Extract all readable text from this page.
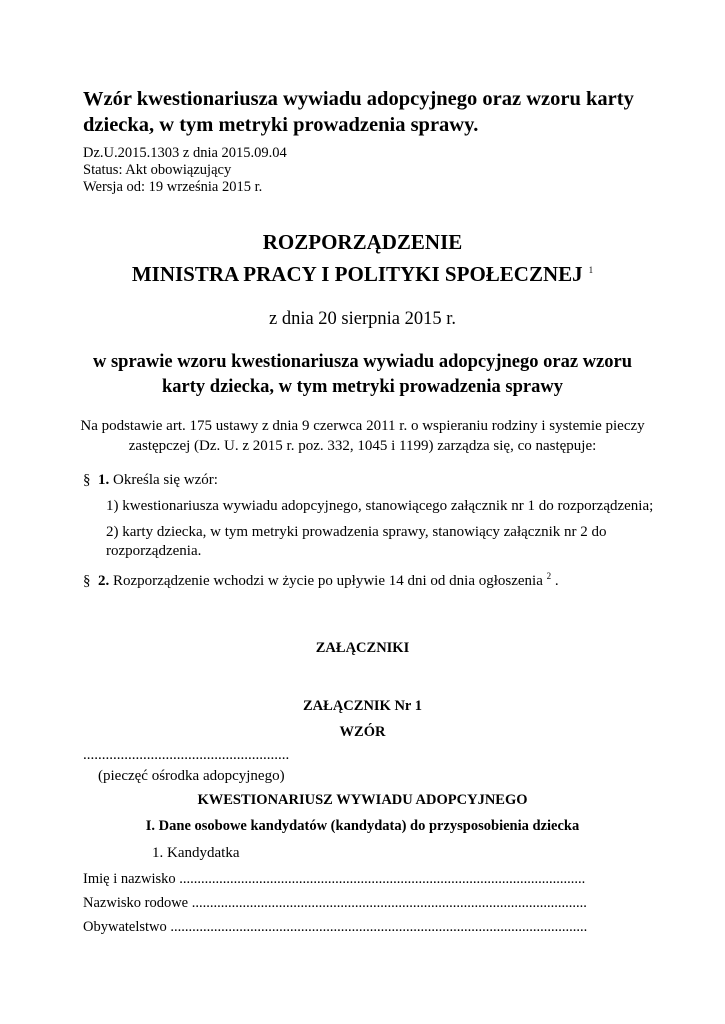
Wzór kwestionariusza wywiadu adopcyjnego oraz wzoru karty
dziecka, w tym metryki prowadzenia sprawy.
Dz.U.2015.1303 z dnia 2015.09.04
Status: Akt obowiązujący
Wersja od: 19 września 2015 r.
ROZPORZĄDZENIE
MINISTRA PRACY I POLITYKI SPOŁECZNEJ $^1$
z dnia 20 sierpnia 2015 r.
w sprawie wzoru kwestionariusza wywiadu adopcyjnego oraz wzoru
karty dziecka, w tym metryki prowadzenia sprawy
Na podstawie art. 175 ustawy z dnia 9 czerwca 2011 r. o wspieraniu rodziny i systemie pieczy
zastępczej (Dz. U. z 2015 r. poz. 332, 1045 i 1199) zarządza się, co następuje:
§ 1. Określa się wzór:
1) kwestionariusza wywiadu adopcyjnego, stanowiącego załącznik nr 1 do rozporządzenia;
2) karty dziecka, w tym metryki prowadzenia sprawy, stanowiący załącznik nr 2 do
rozporządzenia.
§ 2. Rozporządzenie wchodzi w życie po upływie 14 dni od dnia ogłoszenia $^2$ .
ZAŁĄCZNIKI
ZAŁĄCZNIK Nr 1
WZÓR
.......................................................
(pieczęć ośrodka adopcyjnego)
KWESTIONARIUSZ WYWIADU ADOPCYJNEGO
I. Dane osobowe kandydatów (kandydata) do przysposobienia dziecka
1. Kandydatka
Imię i nazwisko ................................................................................................................
Nazwisko rodowe .............................................................................................................
Obywatelstwo ...................................................................................................................
